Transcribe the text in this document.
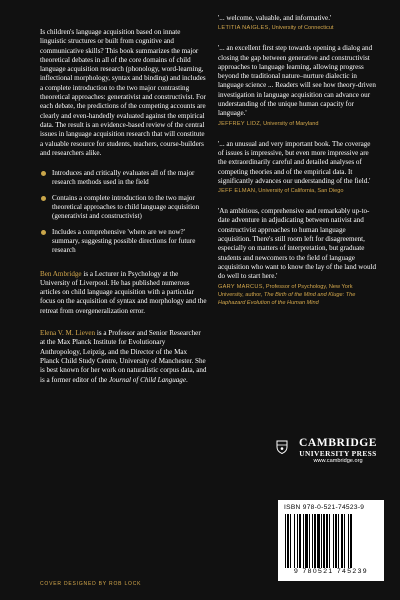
Is children's language acquisition based on innate linguistic structures or built from cognitive and communicative skills? This book summarizes the major theoretical debates in all of the core domains of child language acquisition research (phonology, word-learning, inflectional morphology, syntax and binding) and includes a complete introduction to the two major contrasting theoretical approaches: generativist and constructivist. For each debate, the predictions of the competing accounts are clearly and even-handedly evaluated against the empirical data. The result is an evidence-based review of the central issues in language acquisition research that will constitute a valuable resource for students, teachers, course-builders and researchers alike.

Introduces and critically evaluates all of the major research methods used in the field
Contains a complete introduction to the two major theoretical approaches to child language acquisition (generativist and constructivist)
Includes a comprehensive 'where are we now?' summary, suggesting possible directions for future research

Ben Ambridge is a Lecturer in Psychology at the University of Liverpool. He has published numerous articles on child language acquisition with a particular focus on the acquisition of syntax and morphology and the retreat from overgeneralization error.

Elena V. M. Lieven is a Professor and Senior Researcher at the Max Planck Institute for Evolutionary Anthropology, Leipzig, and the Director of the Max Planck Child Study Centre, University of Manchester. She is best known for her work on naturalistic corpus data, and is a former editor of the Journal of Child Language.

COVER DESIGNED BY ROB LOCK

'... welcome, valuable, and informative.'

LETITIA NAIGLES, University of Connecticut

'... an excellent first step towards opening a dialog and closing the gap between generative and constructivist approaches to language learning, allowing progress beyond the traditional nature–nurture dialectic in language science ... Readers will see how theory-driven investigation in language acquisition can advance our understanding of the unique human capacity for language.'

JEFFREY LIDZ, University of Maryland

'... an unusual and very important book. The coverage of issues is impressive, but even more impressive are the extraordinarily careful and detailed analyses of competing theories and of the empirical data. It significantly advances our understanding of the field.'

JEFF ELMAN, University of California, San Diego

'An ambitious, comprehensive and remarkably up-to-date adventure in adjudicating between nativist and constructivist approaches to human language acquisition. There's still room left for disagreement, especially on matters of interpretation, but graduate students and newcomers to the field of language acquisition who want to know the lay of the land would do well to start here.'

GARY MARCUS, Professor of Psychology, New York University, author, The Birth of the Mind and Kluge: The Haphazard Evolution of the Human Mind
CAMBRIDGE
UNIVERSITY PRESS
www.cambridge.org
ISBN 978-0-521-74523-9
9 780521 745239
